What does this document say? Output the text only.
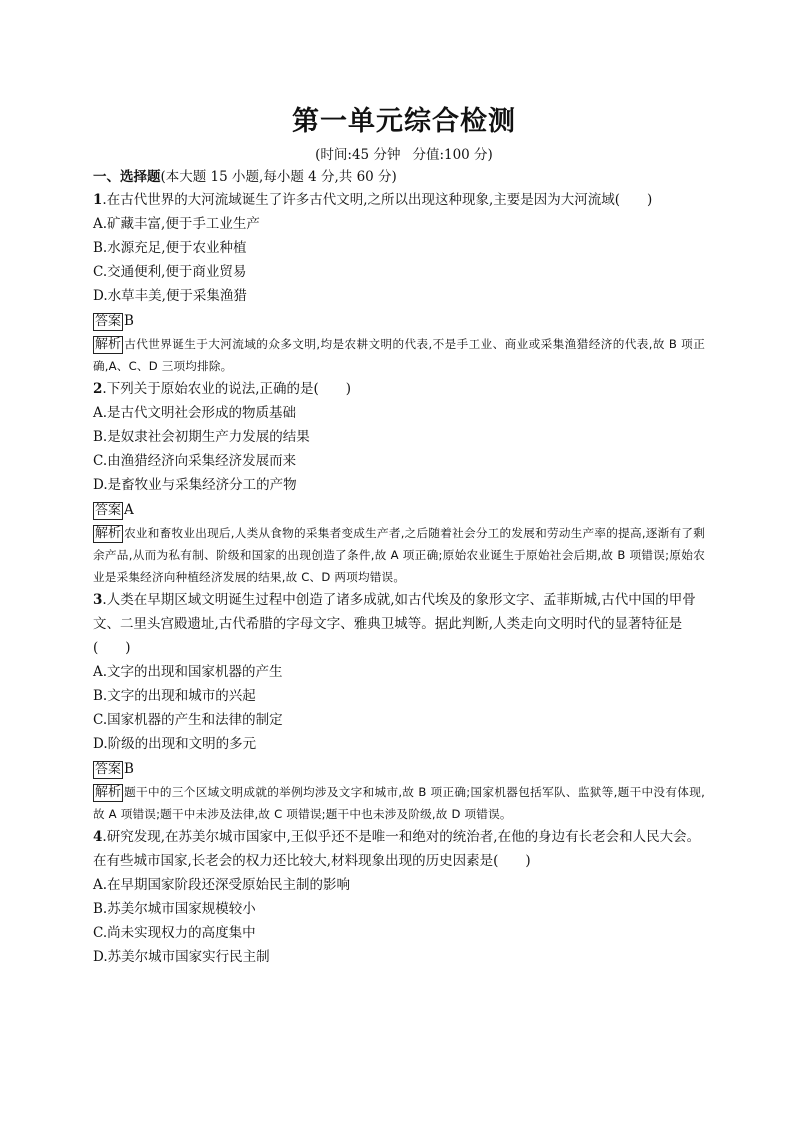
第一单元综合检测
(时间:45 分钟 分值:100 分)
一、选择题(本大题 15 小题,每小题 4 分,共 60 分)
1.在古代世界的大河流域诞生了许多古代文明,之所以出现这种现象,主要是因为大河流域(　　)
A.矿藏丰富,便于手工业生产
B.水源充足,便于农业种植
C.交通便利,便于商业贸易
D.水草丰美,便于采集渔猎
答案 B
解析 古代世界诞生于大河流域的众多文明,均是农耕文明的代表,不是手工业、商业或采集渔猎经济的代表,故 B 项正确,A、C、D 三项均排除。
2.下列关于原始农业的说法,正确的是(　　)
A.是古代文明社会形成的物质基础
B.是奴隶社会初期生产力发展的结果
C.由渔猎经济向采集经济发展而来
D.是畜牧业与采集经济分工的产物
答案 A
解析 农业和畜牧业出现后,人类从食物的采集者变成生产者,之后随着社会分工的发展和劳动生产率的提高,逐渐有了剩余产品,从而为私有制、阶级和国家的出现创造了条件,故 A 项正确;原始农业诞生于原始社会后期,故 B 项错误;原始农业是采集经济向种植经济发展的结果,故 C、D 两项均错误。
3.人类在早期区域文明诞生过程中创造了诸多成就,如古代埃及的象形文字、孟菲斯城,古代中国的甲骨文、二里头宫殿遗址,古代希腊的字母文字、雅典卫城等。据此判断,人类走向文明时代的显著特征是(　　)
A.文字的出现和国家机器的产生
B.文字的出现和城市的兴起
C.国家机器的产生和法律的制定
D.阶级的出现和文明的多元
答案 B
解析 题干中的三个区域文明成就的举例均涉及文字和城市,故 B 项正确;国家机器包括军队、监狱等,题干中没有体现,故 A 项错误;题干中未涉及法律,故 C 项错误;题干中也未涉及阶级,故 D 项错误。
4.研究发现,在苏美尔城市国家中,王似乎还不是唯一和绝对的统治者,在他的身边有长老会和人民大会。在有些城市国家,长老会的权力还比较大,材料现象出现的历史因素是(　　)
A.在早期国家阶段还深受原始民主制的影响
B.苏美尔城市国家规模较小
C.尚未实现权力的高度集中
D.苏美尔城市国家实行民主制
